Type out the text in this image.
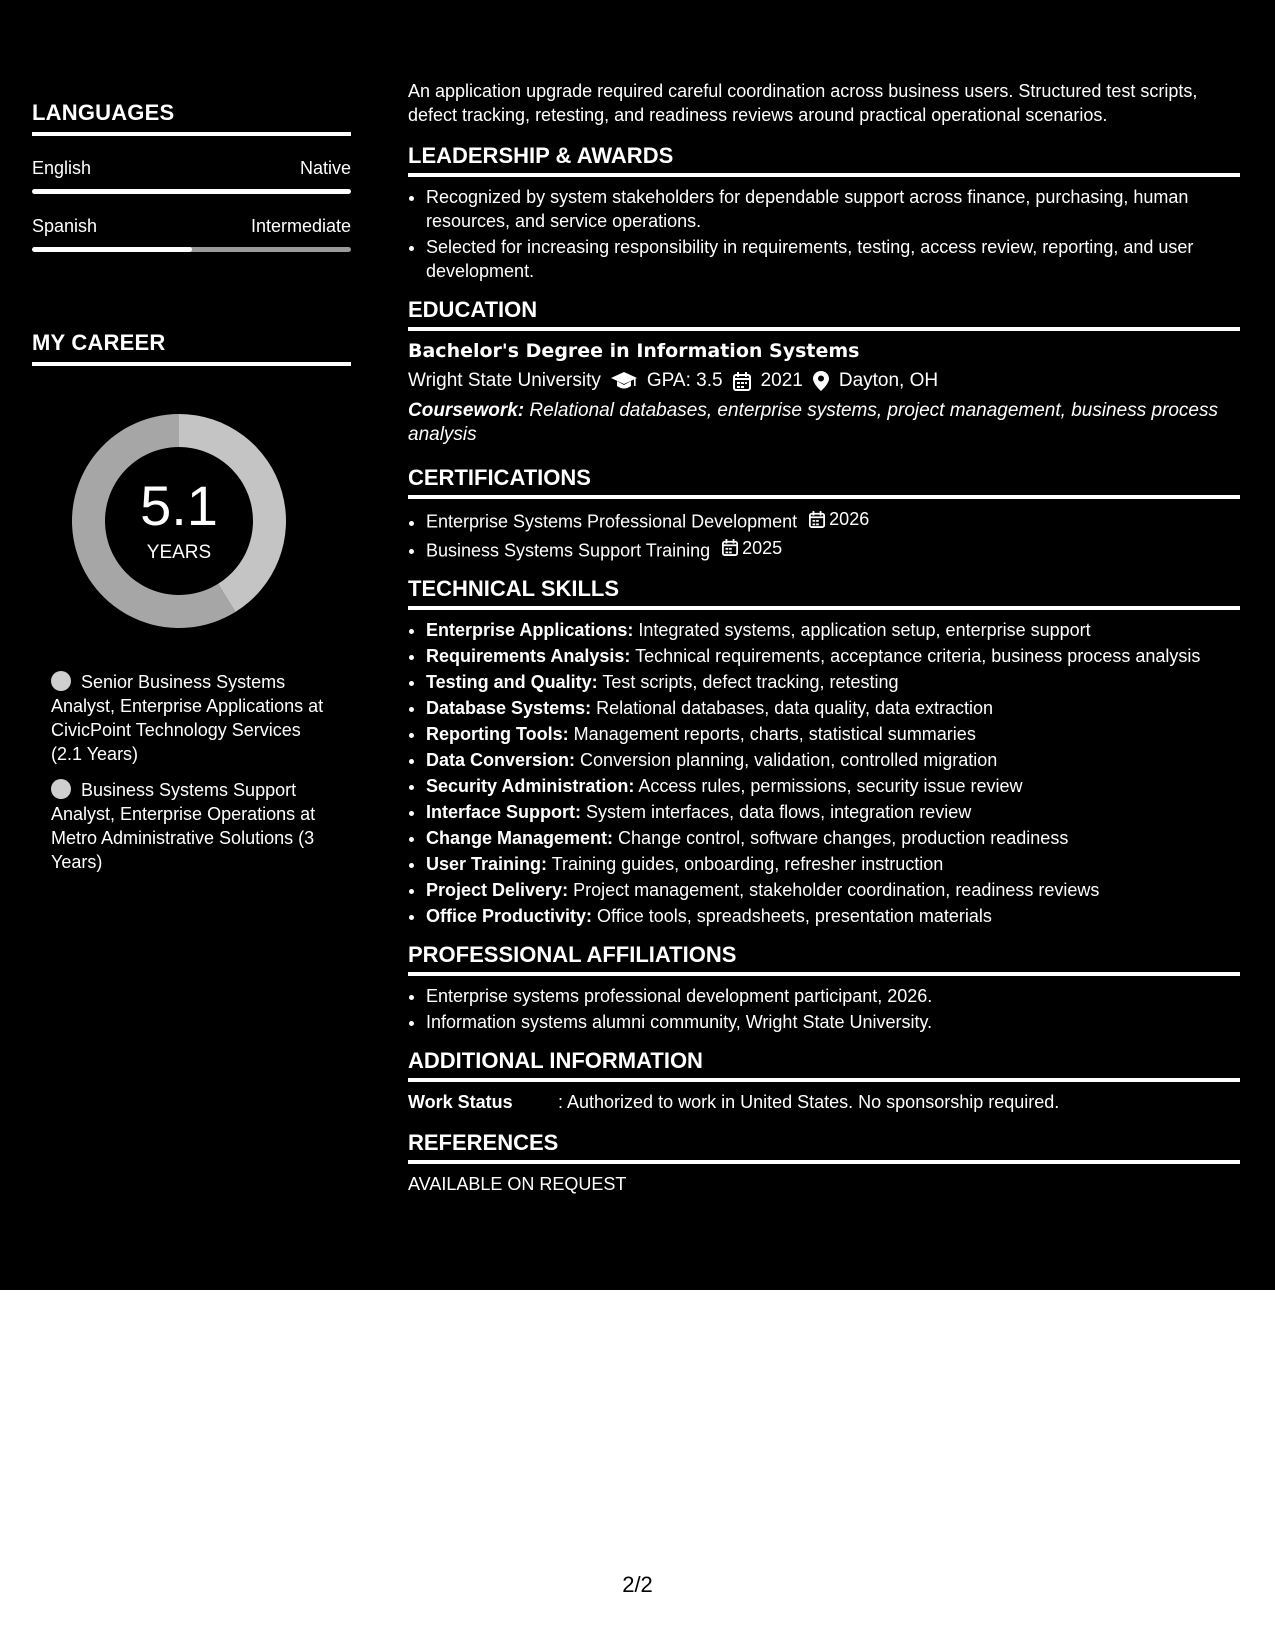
LANGUAGES
English	Native
Spanish	Intermediate
MY CAREER
5.1
YEARS
Senior Business Systems Analyst, Enterprise Applications at CivicPoint Technology Services (2.1 Years)
Business Systems Support Analyst, Enterprise Operations at Metro Administrative Solutions (3 Years)

An application upgrade required careful coordination across business users. Structured test scripts, defect tracking, retesting, and readiness reviews around practical operational scenarios.

LEADERSHIP & AWARDS
• Recognized by system stakeholders for dependable support across finance, purchasing, human resources, and service operations.
• Selected for increasing responsibility in requirements, testing, access review, reporting, and user development.
EDUCATION
Bachelor's Degree in Information Systems
Wright State University GPA: 3.5 2021 Dayton, OH
Coursework: Relational databases, enterprise systems, project management, business process analysis
CERTIFICATIONS
• Enterprise Systems Professional Development 2026
• Business Systems Support Training 2025
TECHNICAL SKILLS
• Enterprise Applications: Integrated systems, application setup, enterprise support
• Requirements Analysis: Technical requirements, acceptance criteria, business process analysis
• Testing and Quality: Test scripts, defect tracking, retesting
• Database Systems: Relational databases, data quality, data extraction
• Reporting Tools: Management reports, charts, statistical summaries
• Data Conversion: Conversion planning, validation, controlled migration
• Security Administration: Access rules, permissions, security issue review
• Interface Support: System interfaces, data flows, integration review
• Change Management: Change control, software changes, production readiness
• User Training: Training guides, onboarding, refresher instruction
• Project Delivery: Project management, stakeholder coordination, readiness reviews
• Office Productivity: Office tools, spreadsheets, presentation materials
PROFESSIONAL AFFILIATIONS
• Enterprise systems professional development participant, 2026.
• Information systems alumni community, Wright State University.
ADDITIONAL INFORMATION
Work Status	: Authorized to work in United States. No sponsorship required.
REFERENCES
AVAILABLE ON REQUEST
2/2
